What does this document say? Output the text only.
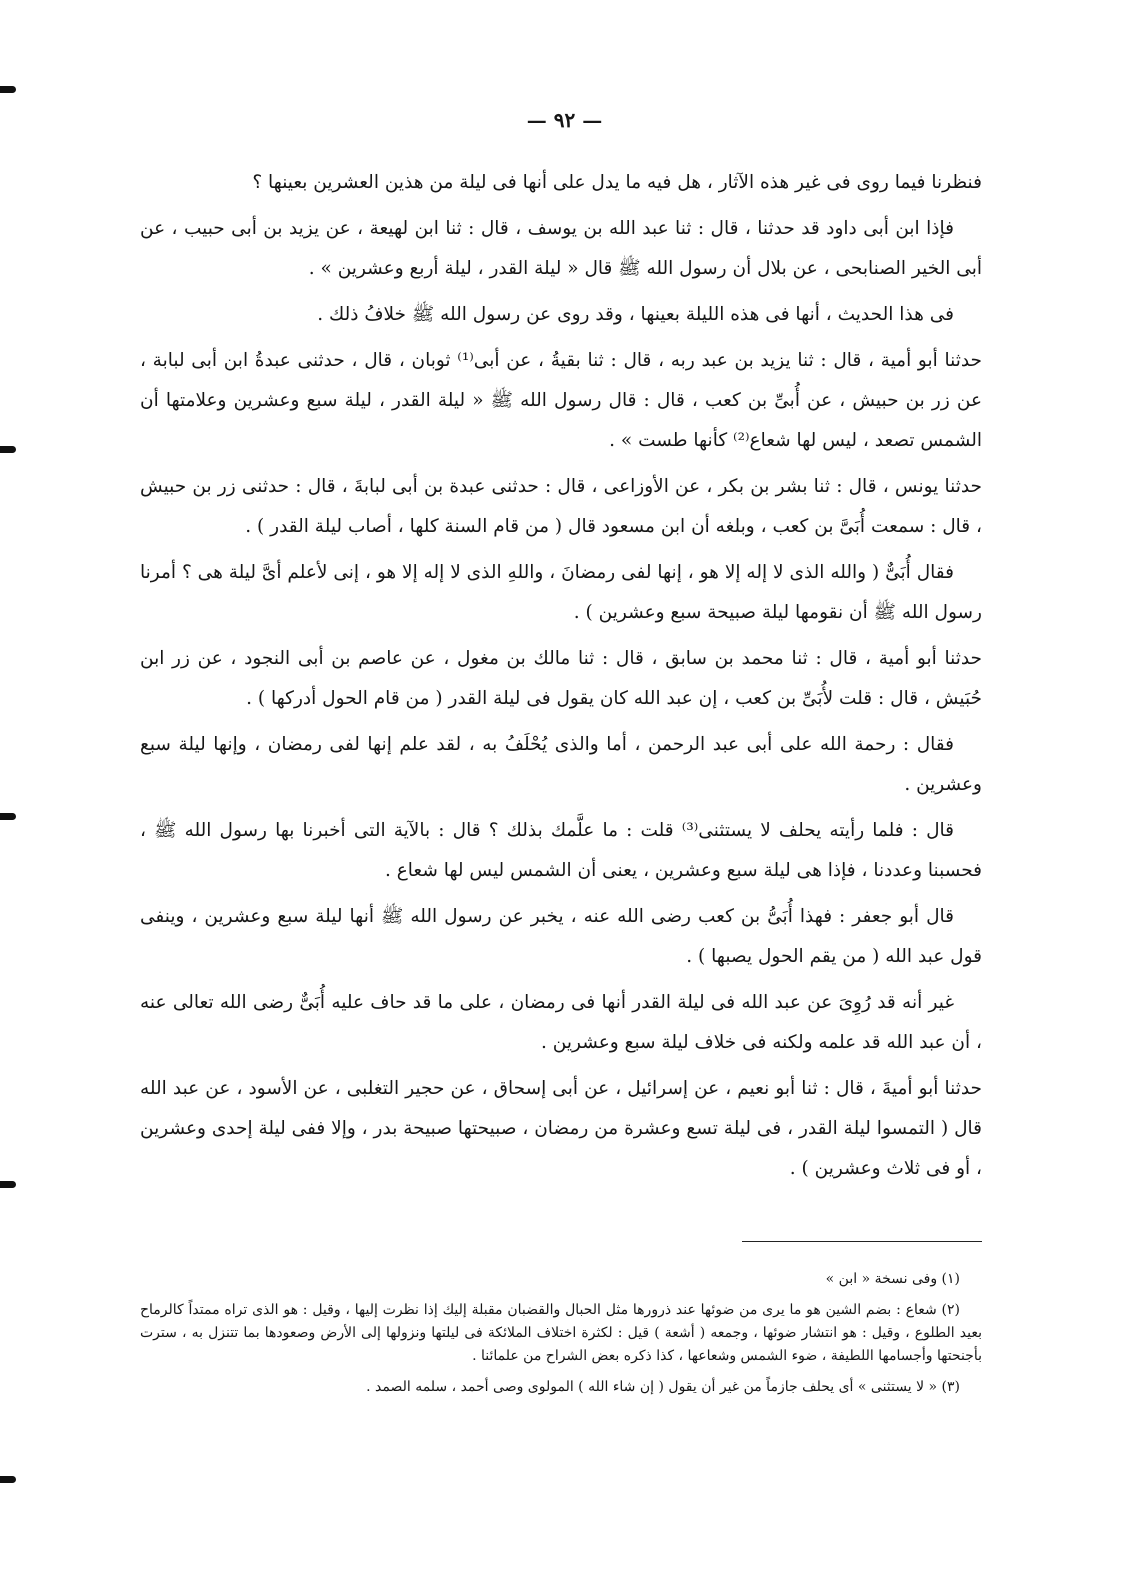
— ٩٢ —

فنظرنا فيما روى فى غير هذه الآثار ، هل فيه ما يدل على أنها فى ليلة من هذين العشرين بعينها ؟

فإذا ابن أبى داود قد حدثنا ، قال : ثنا عبد الله بن يوسف ، قال : ثنا ابن لهيعة ، عن يزيد بن أبى حبيب ، عن أبى الخير الصنابحى ، عن بلال أن رسول الله ﷺ قال « ليلة القدر ، ليلة أربع وعشرين » .

فى هذا الحديث ، أنها فى هذه الليلة بعينها ، وقد روى عن رسول الله ﷺ خلافُ ذلك .

حدثنا أبو أمية ، قال : ثنا يزيد بن عبد ربه ، قال : ثنا بقيةُ ، عن أبى⁽¹⁾ ثوبان ، قال ، حدثنى عبدةُ ابن أبى لبابة ، عن زر بن حبيش ، عن أُبىِّ بن كعب ، قال : قال رسول الله ﷺ « ليلة القدر ، ليلة سبع وعشرين وعلامتها أن الشمس تصعد ، ليس لها شعاع⁽²⁾ كأنها طست » .

حدثنا يونس ، قال : ثنا بشر بن بكر ، عن الأوزاعى ، قال : حدثنى عبدة بن أبى لبابةَ ، قال : حدثنى زر بن حبيش ، قال : سمعت أُبَىَّ بن كعب ، وبلغه أن ابن مسعود قال ( من قام السنة كلها ، أصاب ليلة القدر ) .

فقال أُبَىٌّ ( والله الذى لا إله إلا هو ، إنها لفى رمضانَ ، واللهِ الذى لا إله إلا هو ، إنى لأعلم أىَّ ليلة هى ؟ أمرنا رسول الله ﷺ أن نقومها ليلة صبيحة سبع وعشرين ) .

حدثنا أبو أمية ، قال : ثنا محمد بن سابق ، قال : ثنا مالك بن مغول ، عن عاصم بن أبى النجود ، عن زر ابن حُبَيش ، قال : قلت لأُبَىِّ بن كعب ، إن عبد الله كان يقول فى ليلة القدر ( من قام الحول أدركها ) .

فقال : رحمة الله على أبى عبد الرحمن ، أما والذى يُحْلَفُ به ، لقد علم إنها لفى رمضان ، وإنها ليلة سبع وعشرين .

قال : فلما رأيته يحلف لا يستثنى⁽³⁾ قلت : ما علَّمك بذلك ؟ قال : بالآية التى أخبرنا بها رسول الله ﷺ ، فحسبنا وعددنا ، فإذا هى ليلة سبع وعشرين ، يعنى أن الشمس ليس لها شعاع .

قال أبو جعفر : فهذا أُبَىُّ بن كعب رضى الله عنه ، يخبر عن رسول الله ﷺ أنها ليلة سبع وعشرين ، وينفى قول عبد الله ( من يقم الحول يصبها ) .

غير أنه قد رُوِىَ عن عبد الله فى ليلة القدر أنها فى رمضان ، على ما قد حاف عليه أُبَىٌّ رضى الله تعالى عنه ، أن عبد الله قد علمه ولكنه فى خلاف ليلة سبع وعشرين .

حدثنا أبو أميةَ ، قال : ثنا أبو نعيم ، عن إسرائيل ، عن أبى إسحاق ، عن حجير التغلبى ، عن الأسود ، عن عبد الله قال ( التمسوا ليلة القدر ، فى ليلة تسع وعشرة من رمضان ، صبيحتها صبيحة بدر ، وإلا ففى ليلة إحدى وعشرين ، أو فى ثلاث وعشرين ) .

(١) وفى نسخة « ابن »

(٢) شعاع : بضم الشين هو ما يرى من ضوئها عند ذرورها مثل الحبال والقضبان مقبلة إليك إذا نظرت إليها ، وقيل : هو الذى تراه ممتداً كالرماح بعيد الطلوع ، وقيل : هو انتشار ضوئها ، وجمعه ( أشعة ) قيل : لكثرة اختلاف الملائكة فى ليلتها ونزولها إلى الأرض وصعودها بما تتنزل به ، سترت بأجنحتها وأجسامها اللطيفة ، ضوء الشمس وشعاعها ، كذا ذكره بعض الشراح من علمائنا .

(٣) « لا يستثنى » أى يحلف جازماً من غير أن يقول ( إن شاء الله ) المولوى وصى أحمد ، سلمه الصمد .
